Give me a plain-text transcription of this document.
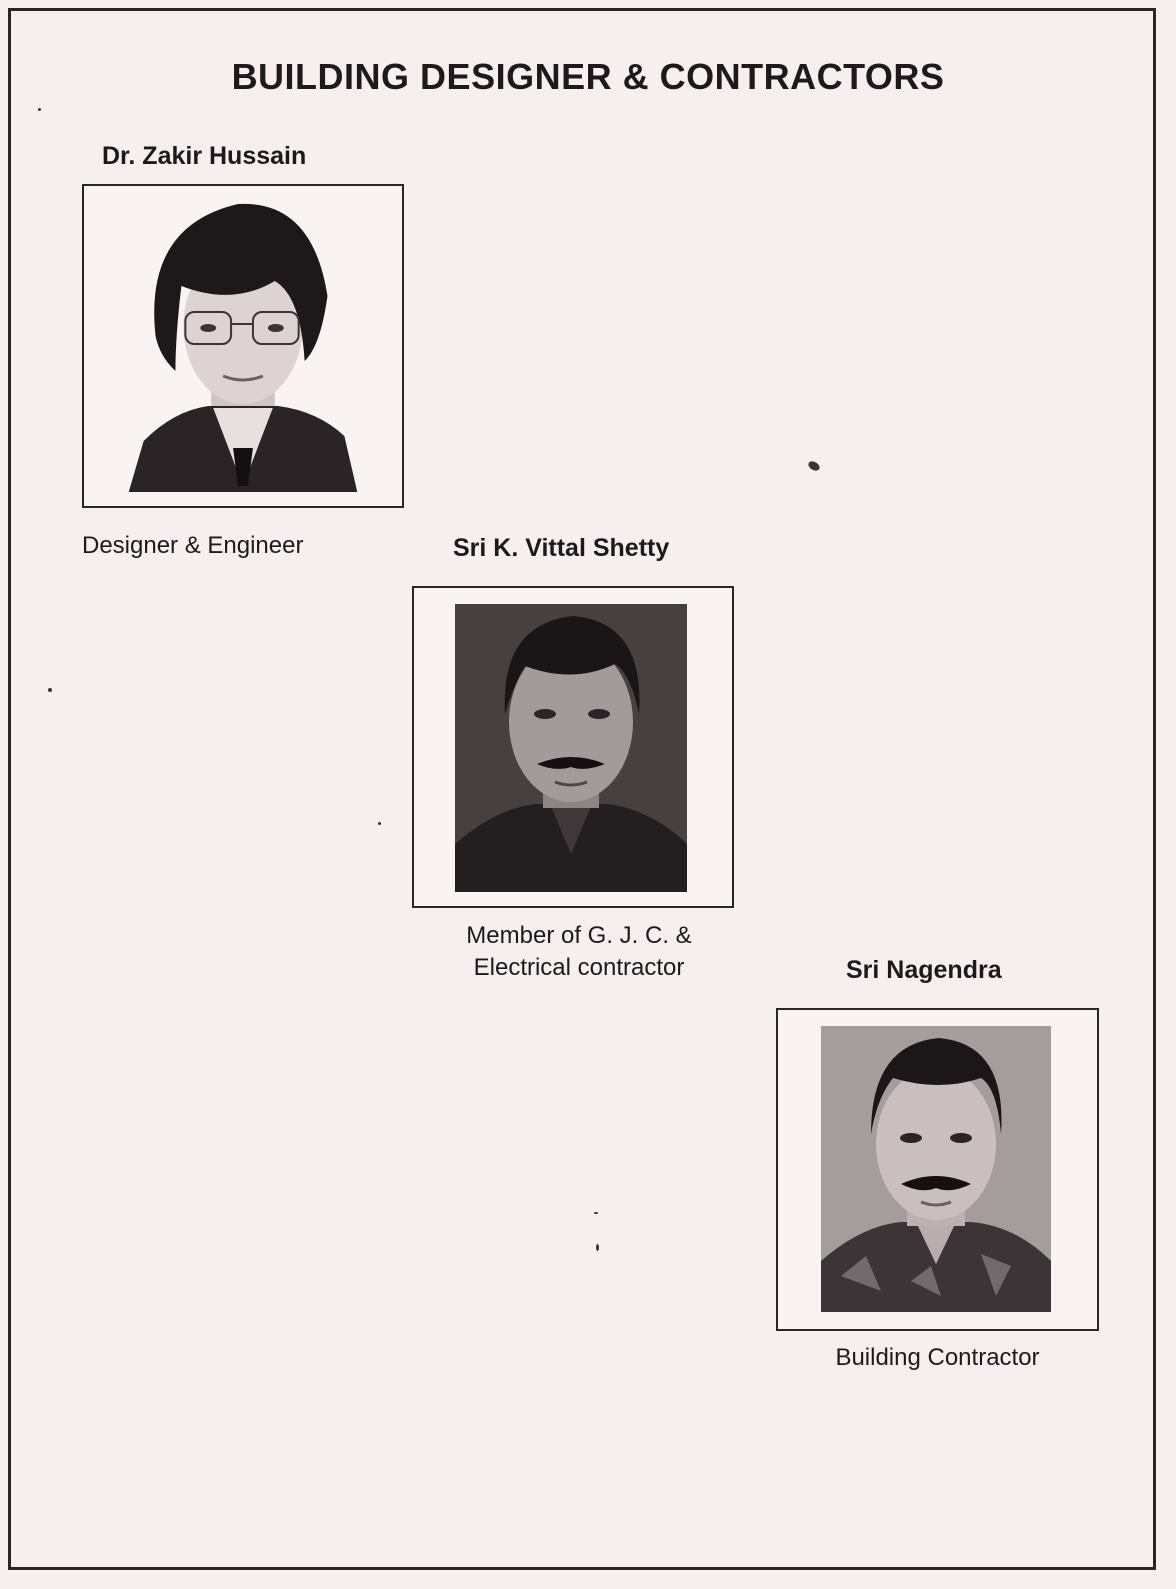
BUILDING DESIGNER & CONTRACTORS
Dr. Zakir Hussain
Designer & Engineer	Sri K. Vittal Shetty
Member of G. J. C. &
Electrical contractor	Sri Nagendra
Building Contractor
